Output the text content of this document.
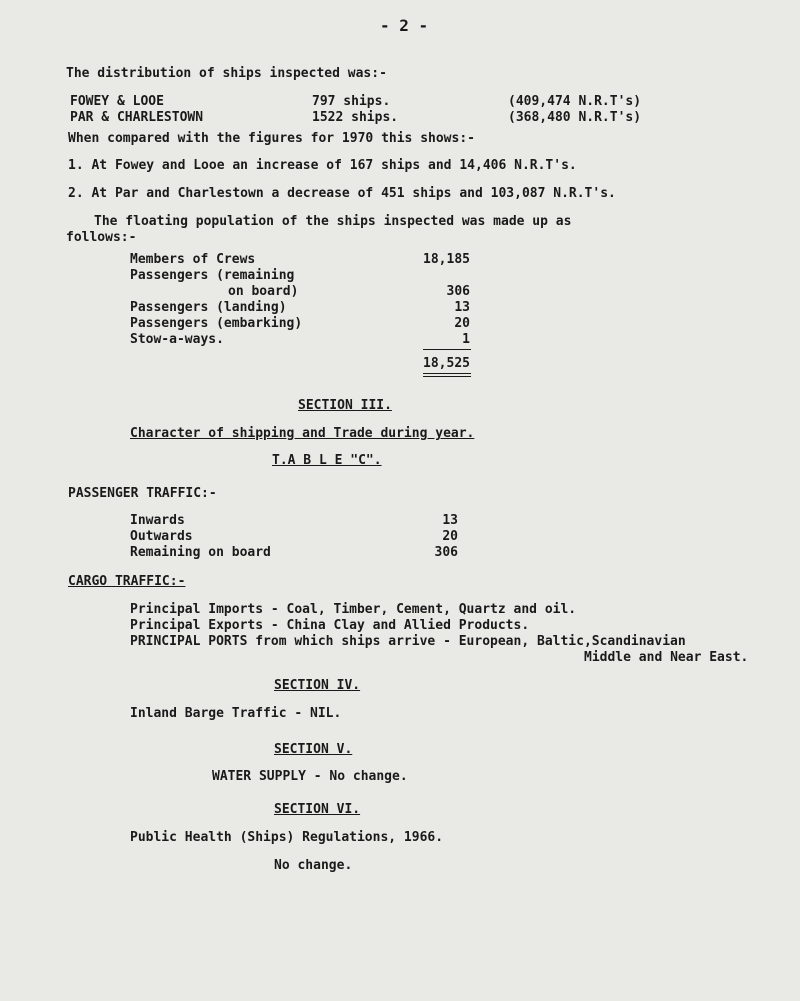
- 2 -
The distribution of ships inspected was:-
FOWEY & LOOE	797 ships.	(409,474 N.R.T's)
PAR & CHARLESTOWN	1522 ships.	(368,480 N.R.T's)
When compared with the figures for 1970 this shows:-
1. At Fowey and Looe an increase of 167 ships and 14,406 N.R.T's.
2. At Par and Charlestown a decrease of 451 ships and 103,087 N.R.T's.
The floating population of the ships inspected was made up as
follows:-
Members of Crews	18,185
Passengers (remaining
on board)	306
Passengers (landing)	13
Passengers (embarking)	20
Stow-a-ways.	1
18,525
SECTION III.
Character of shipping and Trade during year.
T.A B L E "C".
PASSENGER TRAFFIC:-
Inwards	13
Outwards	20
Remaining on board	306
CARGO TRAFFIC:-
Principal Imports - Coal, Timber, Cement, Quartz and oil.
Principal Exports - China Clay and Allied Products.
PRINCIPAL PORTS from which ships arrive - European, Baltic,Scandinavian
Middle and Near East.
SECTION IV.
Inland Barge Traffic - NIL.
SECTION V.
WATER SUPPLY - No change.
SECTION VI.
Public Health (Ships) Regulations, 1966.
No change.
